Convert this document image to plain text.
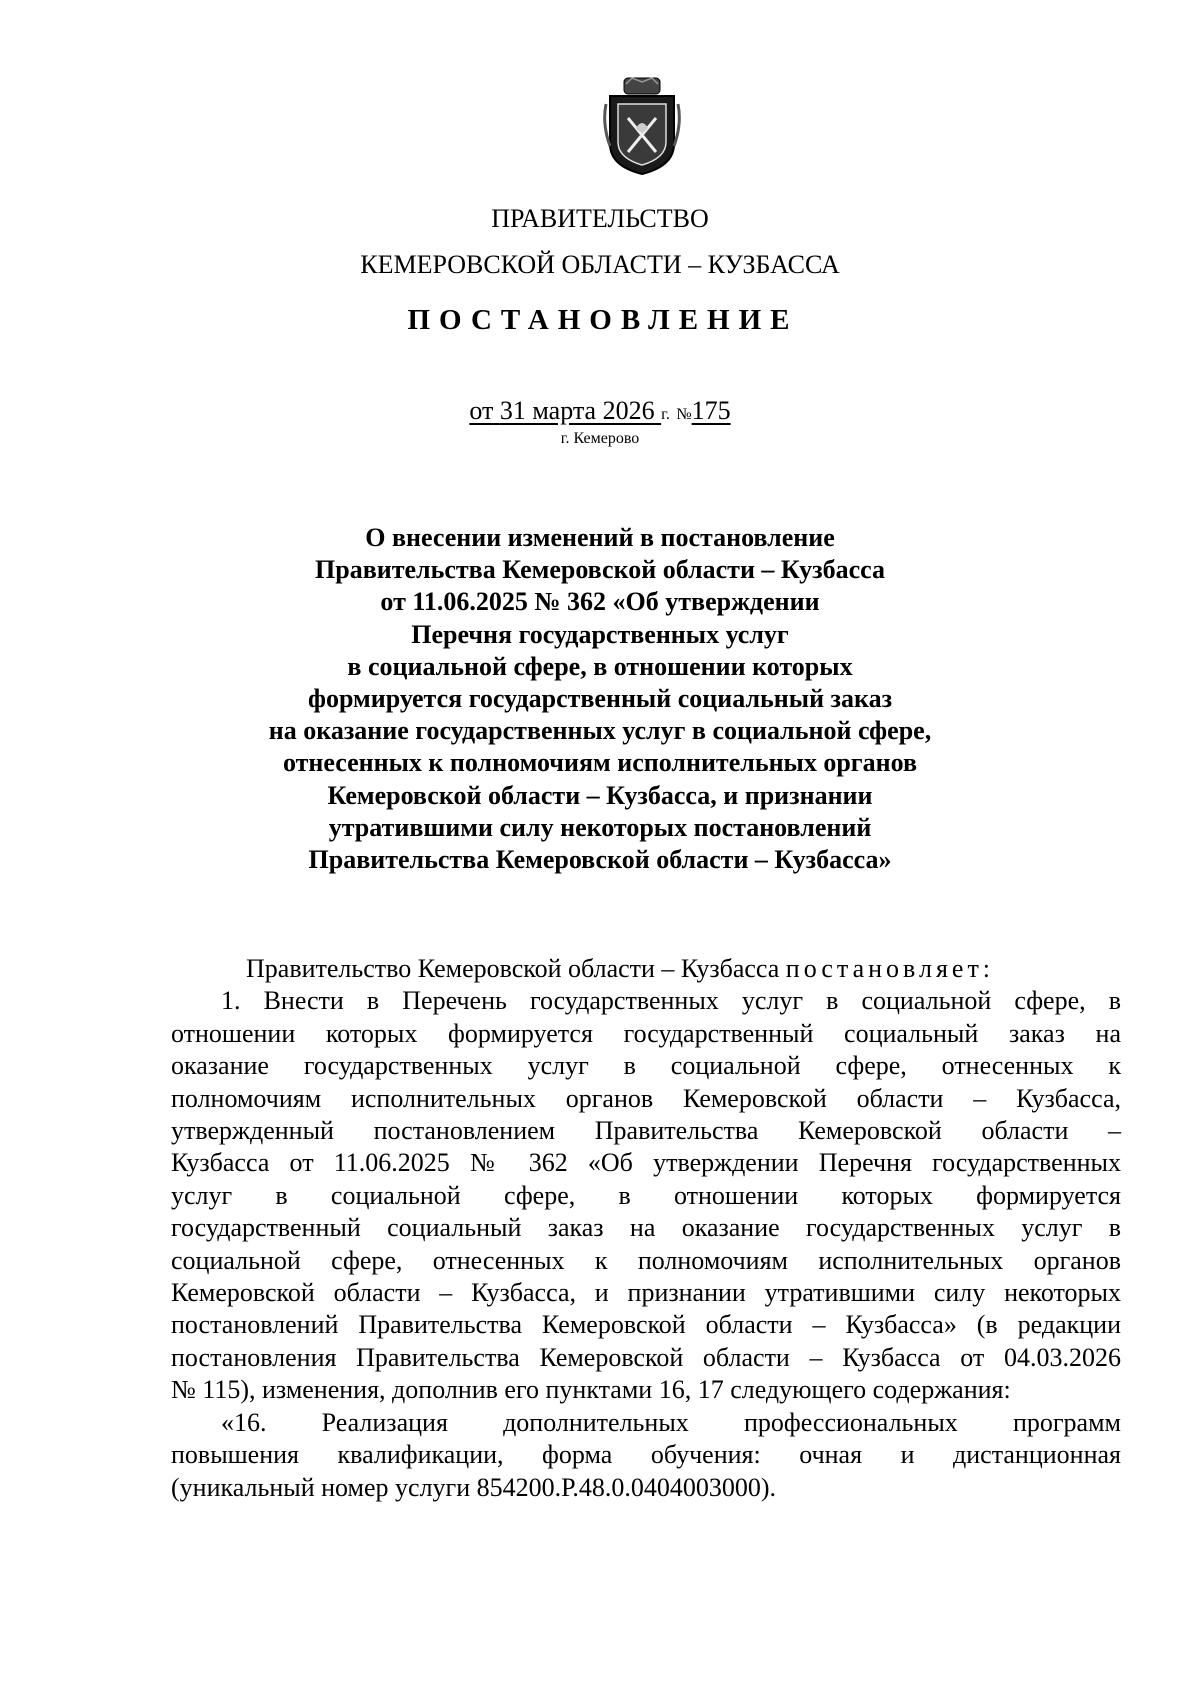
ПРАВИТЕЛЬСТВО
КЕМЕРОВСКОЙ ОБЛАСТИ – КУЗБАССА
ПОСТАНОВЛЕНИЕ
от 31 марта 2026 г. №175
г. Кемерово
О внесении изменений в постановление
Правительства Кемеровской области – Кузбасса
от 11.06.2025 № 362 «Об утверждении
Перечня государственных услуг
в социальной сфере, в отношении которых
формируется государственный социальный заказ
на оказание государственных услуг в социальной сфере,
отнесенных к полномочиям исполнительных органов
Кемеровской области – Кузбасса, и признании
утратившими силу некоторых постановлений
Правительства Кемеровской области – Кузбасса»
Правительство Кемеровской области – Кузбасса постановляет:
1. Внести в Перечень государственных услуг в социальной сфере, в
отношении которых формируется государственный социальный заказ на
оказание государственных услуг в социальной сфере, отнесенных к
полномочиям исполнительных органов Кемеровской области – Кузбасса,
утвержденный постановлением Правительства Кемеровской области –
Кузбасса от 11.06.2025 № 362 «Об утверждении Перечня государственных
услуг в социальной сфере, в отношении которых формируется
государственный социальный заказ на оказание государственных услуг в
социальной сфере, отнесенных к полномочиям исполнительных органов
Кемеровской области – Кузбасса, и признании утратившими силу некоторых
постановлений Правительства Кемеровской области – Кузбасса» (в редакции
постановления Правительства Кемеровской области – Кузбасса от 04.03.2026
№ 115), изменения, дополнив его пунктами 16, 17 следующего содержания:
«16. Реализация дополнительных профессиональных программ
повышения квалификации, форма обучения: очная и дистанционная
(уникальный номер услуги 854200.Р.48.0.0404003000).
